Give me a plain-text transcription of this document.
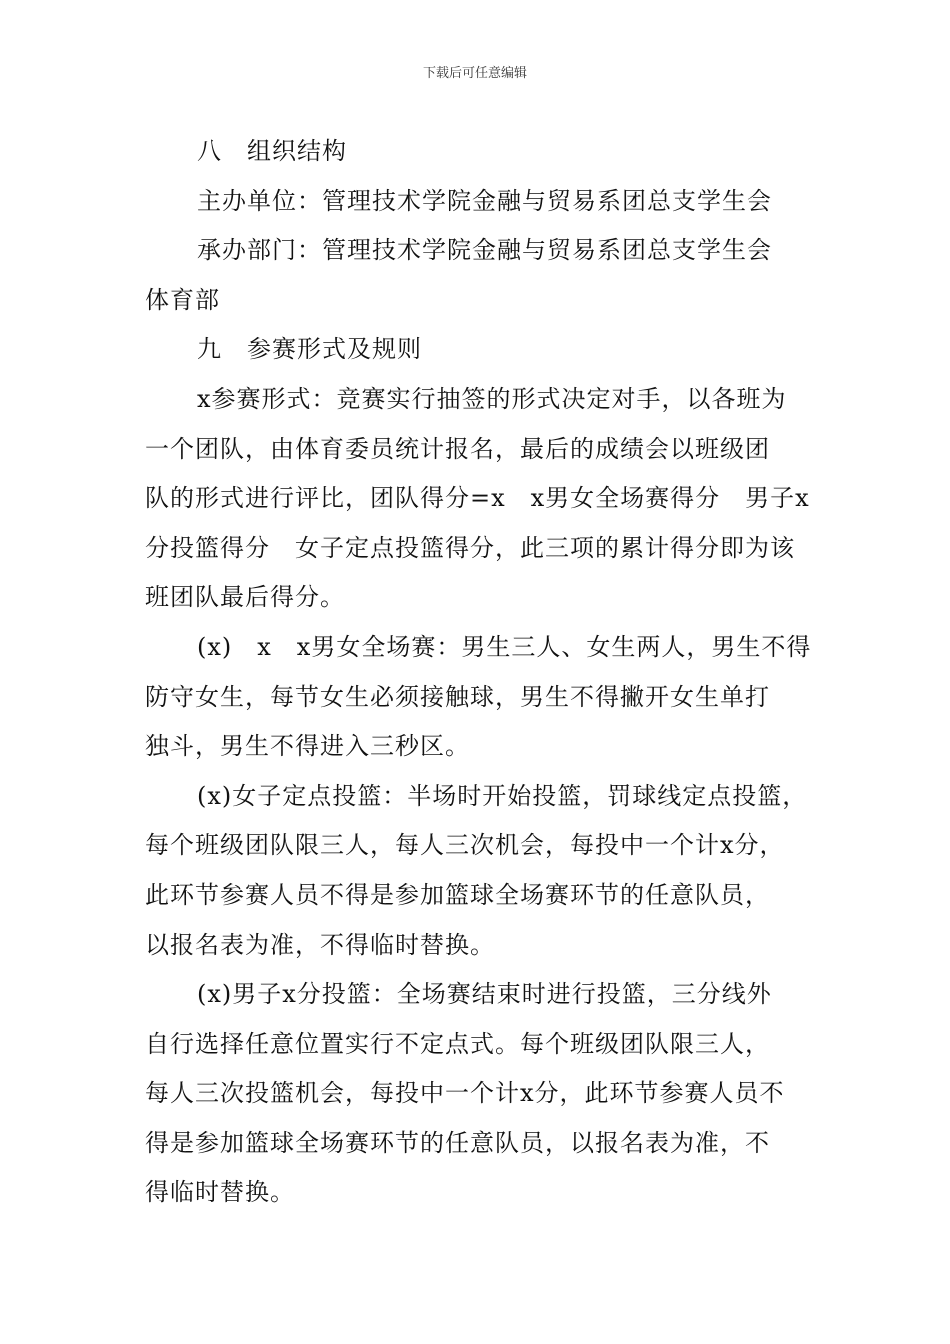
下载后可任意编辑

八　组织结构

主办单位：管理技术学院金融与贸易系团总支学生会

承办部门：管理技术学院金融与贸易系团总支学生会

体育部

九　参赛形式及规则

x参赛形式：竞赛实行抽签的形式决定对手，以各班为

一个团队，由体育委员统计报名，最后的成绩会以班级团

队的形式进行评比，团队得分=x　x男女全场赛得分　男子x

分投篮得分　女子定点投篮得分，此三项的累计得分即为该

班团队最后得分。

(x)　x　x男女全场赛：男生三人、女生两人，男生不得

防守女生，每节女生必须接触球，男生不得撇开女生单打

独斗，男生不得进入三秒区。

(x)女子定点投篮：半场时开始投篮，罚球线定点投篮，

每个班级团队限三人，每人三次机会，每投中一个计x分，

此环节参赛人员不得是参加篮球全场赛环节的任意队员，

以报名表为准，不得临时替换。

(x)男子x分投篮：全场赛结束时进行投篮，三分线外

自行选择任意位置实行不定点式。每个班级团队限三人，

每人三次投篮机会，每投中一个计x分，此环节参赛人员不

得是参加篮球全场赛环节的任意队员，以报名表为准，不

得临时替换。
